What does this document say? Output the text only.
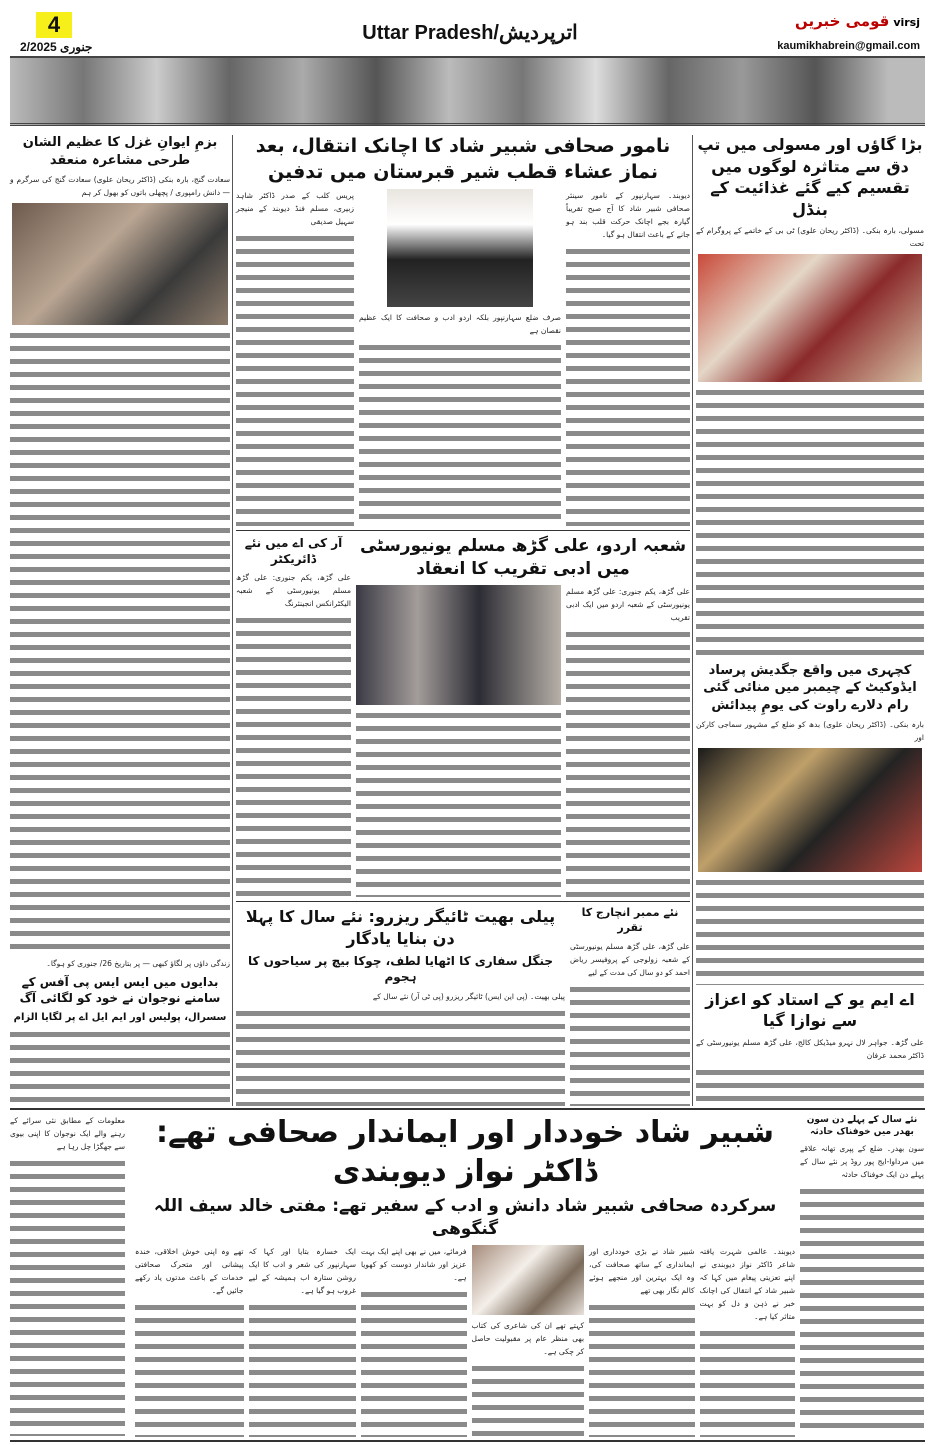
4
2/جنوری 2025
Uttar Pradesh/اترپردیش
قومی خبریں virsj
kaumikhabrein@gmail.com
بزمِ ایوانِ غزل کا عظیم الشان طرحی مشاعرہ منعقد
سعادت گنج، بارہ بنکی (ڈاکٹر ریحان علوی) سعادت گنج کی سرگرم و — دانش رامپوری / پچھلی باتوں کو بھول کر ہم
زندگی داؤں پر لگاؤ کبھی — پر بتاریخ 26/ جنوری کو ہوگا۔
بدایوں میں ایس ایس پی آفس کے سامنے نوجوان نے خود کو لگائی آگ
سسرال، پولیس اور ایم ایل اے پر لگایا الزام
معلومات کے مطابق نئی سرائے کے رہنے والے ایک نوجوان کا اپنی بیوی سے جھگڑا چل رہا ہے
نامور صحافی شبیر شاد کا اچانک انتقال، بعد نماز عشاء قطب شیر قبرستان میں تدفین
دیوبند۔ سہارنپور کے نامور سینئر صحافی شبیر شاد کا آج صبح تقریباً گیارہ بجے اچانک حرکت قلب بند ہو جانے کے باعث انتقال ہو گیا۔
صرف ضلع سہارنپور بلکہ اردو ادب و صحافت کا ایک عظیم نقصان ہے
پریس کلب کے صدر ڈاکٹر شاہد زبیری، مسلم فنڈ دیوبند کے منیجر سہیل صدیقی
شعبہ اردو، علی گڑھ مسلم یونیورسٹی میں ادبی تقریب کا انعقاد
علی گڑھ، یکم جنوری: علی گڑھ مسلم یونیورسٹی کے شعبہ اردو میں ایک ادبی تقریب
آر کی اے میں نئے ڈائریکٹر
علی گڑھ، یکم جنوری: علی گڑھ مسلم یونیورسٹی کے شعبہ الیکٹرانکس انجینئرنگ
نئے ممبر انچارج کا تقرر
علی گڑھ، علی گڑھ مسلم یونیورسٹی کے شعبہ زولوجی کے پروفیسر ریاض احمد کو دو سال کی مدت کے لیے
پیلی بھیت ٹائیگر ریزرو: نئے سال کا پہلا دن بنایا یادگار
جنگل سفاری کا اٹھایا لطف، چوکا بیچ پر سیاحوں کا ہجوم
پیلی بھیت۔ (پی این ایس) ٹائیگر ریزرو (پی ٹی آر) نئے سال کے
بڑا گاؤں اور مسولی میں تپ دق سے متاثرہ لوگوں میں تقسیم کیے گئے غذائیت کے بنڈل
مسولی، بارہ بنکی۔ (ڈاکٹر ریحان علوی) ٹی بی کے خاتمے کے پروگرام کے تحت
کچہری میں واقع جگدیش پرساد ایڈوکیٹ کے چیمبر میں منائی گئی رام دلارے راوت کی یومِ پیدائش
بارہ بنکی۔ (ڈاکٹر ریحان علوی) بدھ کو ضلع کے مشہور سماجی کارکن اور
اے ایم یو کے استاد کو اعزاز سے نوازا گیا
علی گڑھ۔ جواہر لال نہرو میڈیکل کالج، علی گڑھ مسلم یونیورسٹی کے ڈاکٹر محمد عرفان
شبیر شاد خوددار اور ایماندار صحافی تھے: ڈاکٹر نواز دیوبندی
سرکردہ صحافی شبیر شاد دانش و ادب کے سفیر تھے: مفتی خالد سیف اللہ گنگوھی
دیوبند۔ عالمی شہرت یافتہ شاعر ڈاکٹر نواز دیوبندی نے اپنے تعزیتی پیغام میں کہا کہ شبیر شاد کے انتقال کی اچانک خبر نے ذہن و دل کو بہت متاثر کیا ہے۔
شبیر شاد نے بڑی خودداری اور ایمانداری کے ساتھ صحافت کی، وہ ایک بہترین اور منجھے ہوئے کالم نگار بھی تھے
کہتے تھے ان کی شاعری کی کتاب بھی منظر عام پر مقبولیت حاصل کر چکی ہے۔
فرمائے، میں نے بھی اپنے ایک بہت عزیز اور شاندار دوست کو کھویا ہے۔
ایک خسارہ بتایا اور کہا کہ سہارنپور کی شعر و ادب کا ایک روشن ستارہ اب ہمیشہ کے لیے غروب ہو گیا ہے۔
تھے وہ اپنی خوش اخلاقی، خندہ پیشانی اور متحرک صحافتی خدمات کے باعث مدتوں یاد رکھے جائیں گے۔
نئے سال کے پہلے دن سون بھدر میں خوفناک حادثہ
سون بھدر۔ ضلع کے پپری تھانہ علاقے میں مرداوا-ایج پور روڈ پر نئے سال کے پہلے دن ایک خوفناک حادثہ
